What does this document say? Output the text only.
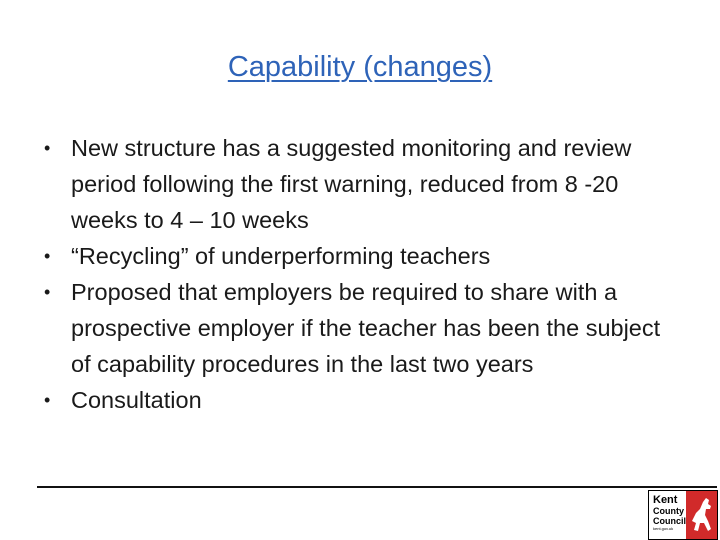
Capability (changes)
• New structure has a suggested monitoring and review period following the first warning, reduced from 8 -20 weeks to 4 – 10 weeks
• “Recycling” of underperforming teachers
• Proposed that employers be required to share with a prospective employer if the teacher has been the subject of capability procedures in the last two years
• Consultation
Kent
County
Council
kent.gov.uk
